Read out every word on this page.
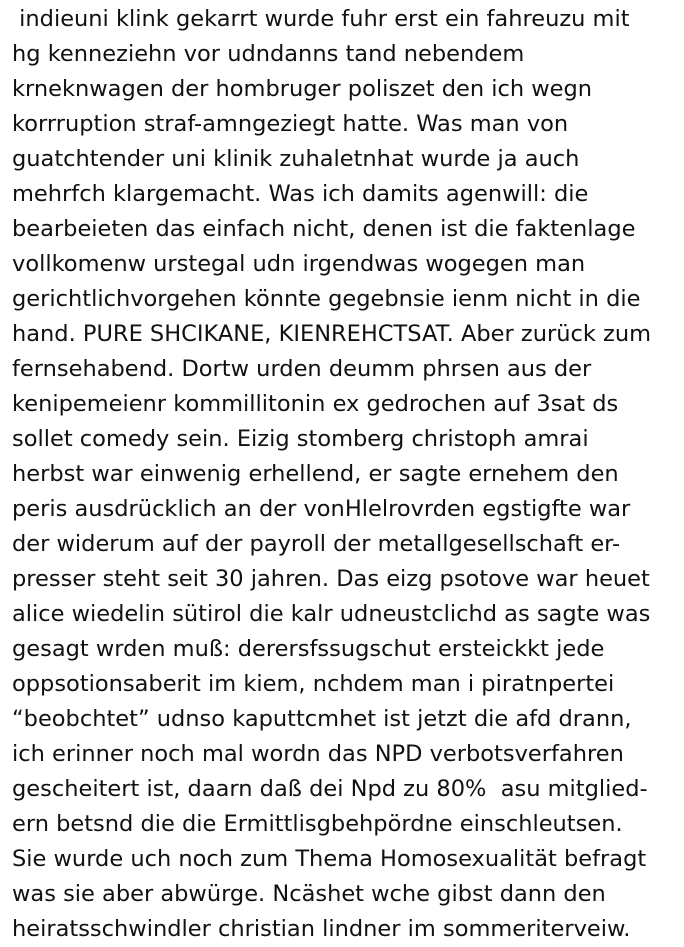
indieuni klink gekarrt wurde fuhr erst ein fahreuzu mit
hg kenneziehn vor udndanns tand nebendem
krneknwagen der hombruger poliszet den ich wegn
korrruption straf-amngeziegt hatte. Was man von
guatchtender uni klinik zuhaletnhat wurde ja auch
mehrfch klargemacht. Was ich damits agenwill: die
bearbeieten das einfach nicht, denen ist die faktenlage
vollkomenw urstegal udn irgendwas wogegen man
gerichtlichvorgehen könnte gegebnsie ienm nicht in die
hand. PURE SHCIKANE, KIENREHCTSAT. Aber zurück zum
fernsehabend. Dortw urden deumm phrsen aus der
kenipemeienr kommillitonin ex gedrochen auf 3sat ds
sollet comedy sein. Eizig stomberg christoph amrai
herbst war einwenig erhellend, er sagte ernehem den
peris ausdrücklich an der vonHlelrovrden egstigfte war
der widerum auf der payroll der metallgesellschaft er-
presser steht seit 30 jahren. Das eizg psotove war heuet
alice wiedelin sütirol die kalr udneustclichd as sagte was
gesagt wrden muß: derersfssugschut ersteickkt jede
oppsotionsaberit im kiem, nchdem man i piratnpertei
“beobchtet” udnso kaputtcmhet ist jetzt die afd drann,
ich erinner noch mal wordn das NPD verbotsverfahren
gescheitert ist, daarn daß dei Npd zu 80%  asu mitglied-
ern betsnd die die Ermittlisgbehpördne einschleutsen.
Sie wurde uch noch zum Thema Homosexualität befragt
was sie aber abwürge. Ncäshet wche gibst dann den
heiratsschwindler christian lindner im sommeriterveiw.
